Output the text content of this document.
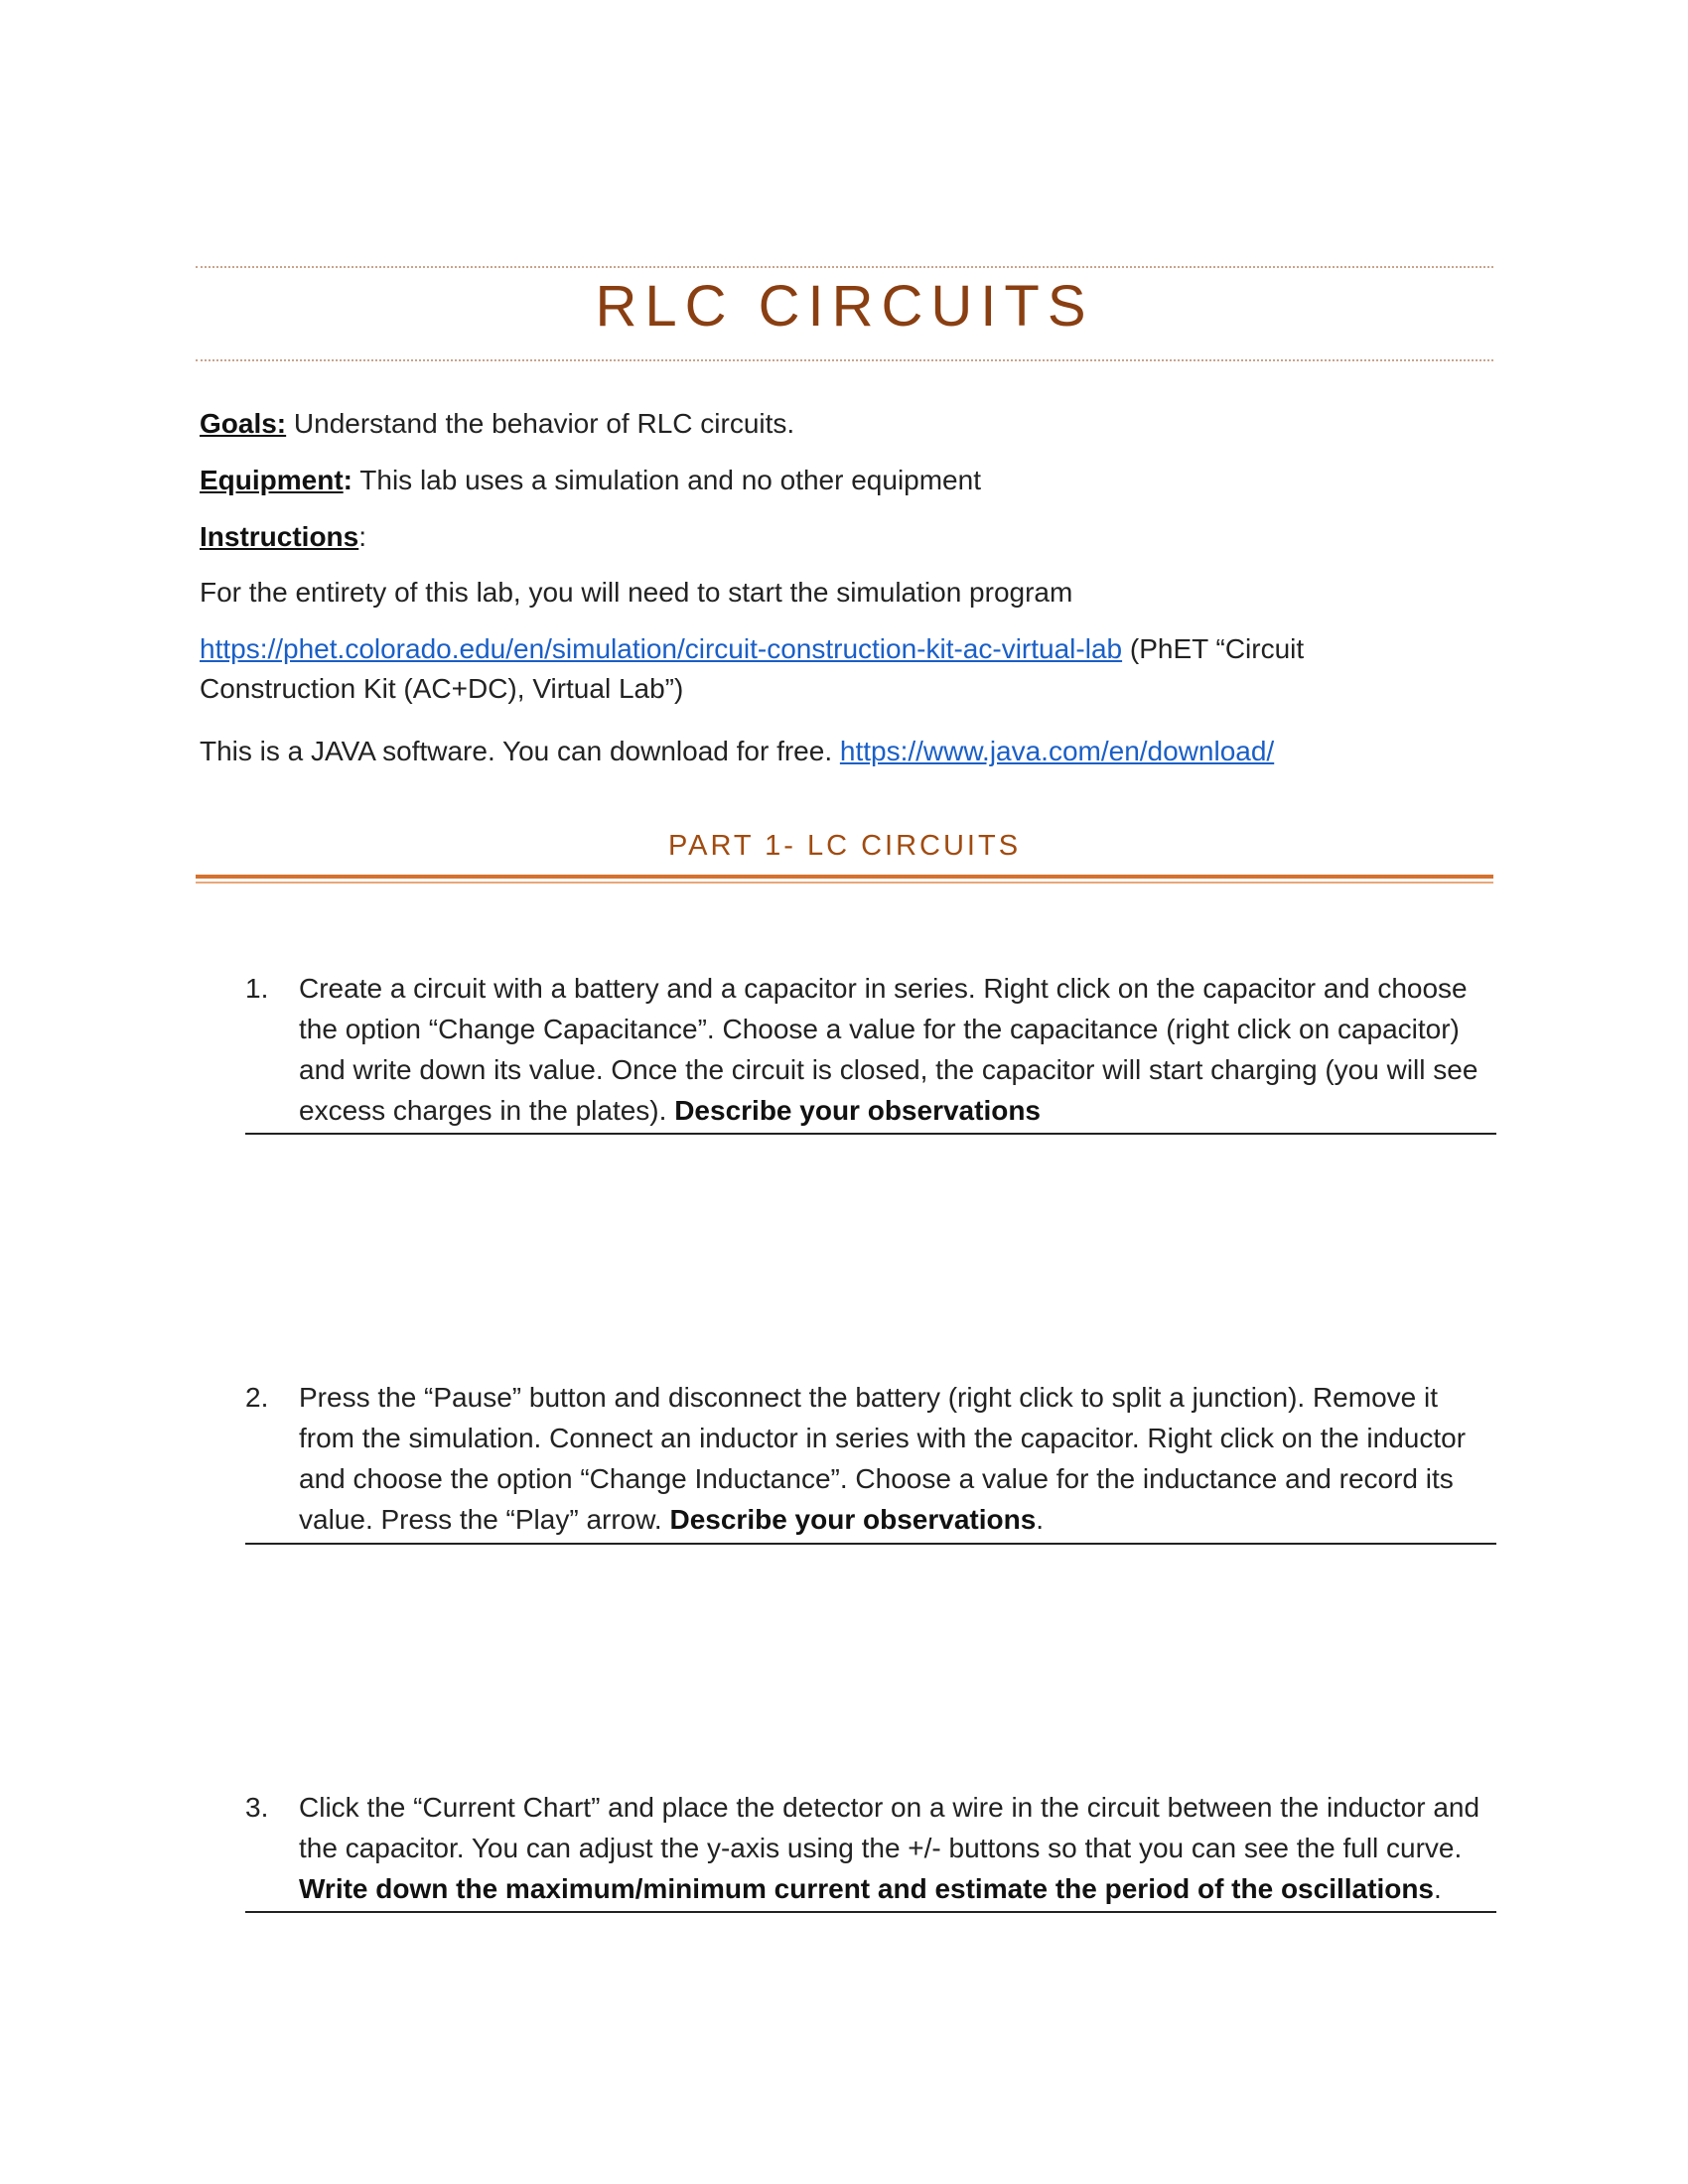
RLC CIRCUITS
Goals: Understand the behavior of RLC circuits.
Equipment: This lab uses a simulation and no other equipment
Instructions:
For the entirety of this lab, you will need to start the simulation program
https://phet.colorado.edu/en/simulation/circuit-construction-kit-ac-virtual-lab (PhET “Circuit
Construction Kit (AC+DC), Virtual Lab”)
This is a JAVA software. You can download for free. https://www.java.com/en/download/
PART 1- LC CIRCUITS
1. Create a circuit with a battery and a capacitor in series. Right click on the capacitor and choose the option “Change Capacitance”. Choose a value for the capacitance (right click on capacitor) and write down its value. Once the circuit is closed, the capacitor will start charging (you will see excess charges in the plates). Describe your observations
2. Press the “Pause” button and disconnect the battery (right click to split a junction). Remove it from the simulation. Connect an inductor in series with the capacitor. Right click on the inductor and choose the option “Change Inductance”. Choose a value for the inductance and record its value. Press the “Play” arrow. Describe your observations.
3. Click the “Current Chart” and place the detector on a wire in the circuit between the inductor and the capacitor. You can adjust the y-axis using the +/- buttons so that you can see the full curve. Write down the maximum/minimum current and estimate the period of the oscillations.
